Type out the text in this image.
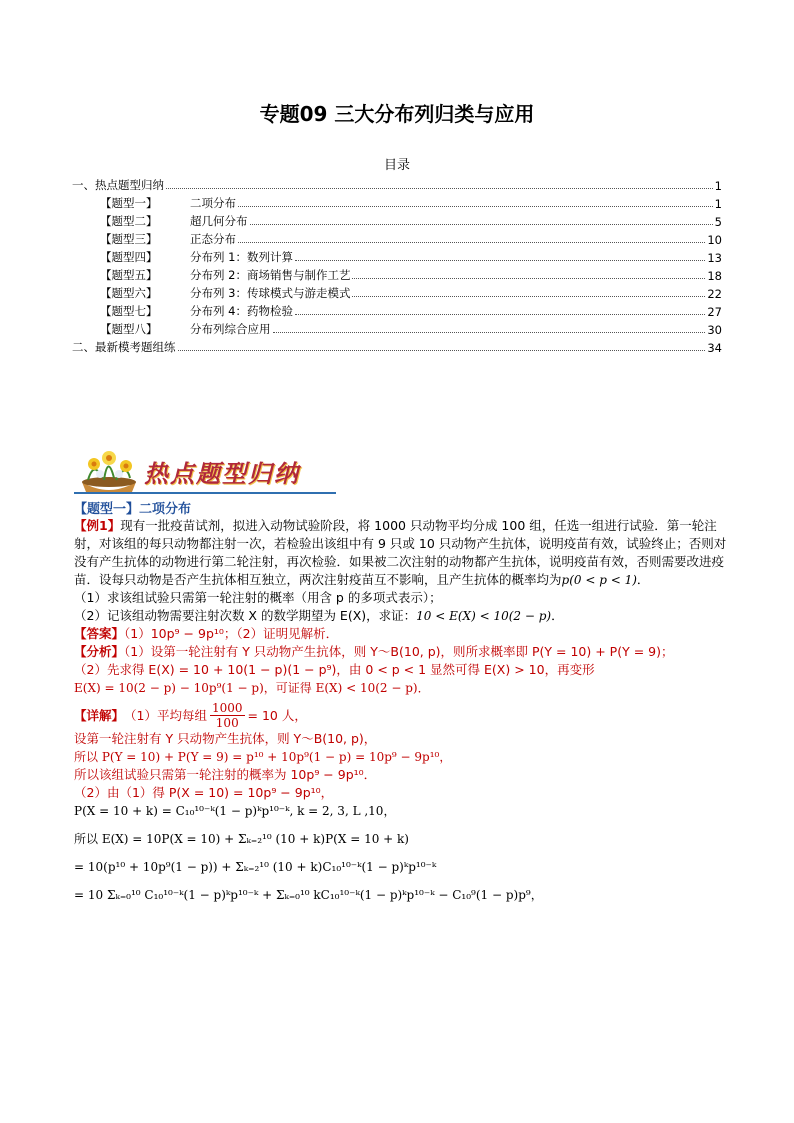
专题09 三大分布列归类与应用
目录
一、热点题型归纳	1
【题型一】	二项分布	1
【题型二】	超几何分布	5
【题型三】	正态分布	10
【题型四】	分布列 1：数列计算	13
【题型五】	分布列 2：商场销售与制作工艺	18
【题型六】	分布列 3：传球模式与游走模式	22
【题型七】	分布列 4：药物检验	27
【题型八】	分布列综合应用	30
二、最新模考题组练	34
热点题型归纳
【题型一】二项分布

【例1】现有一批疫苗试剂，拟进入动物试验阶段，将 1000 只动物平均分成 100 组，任选一组进行试验．第一轮注射，对该组的每只动物都注射一次，若检验出该组中有 9 只或 10 只动物产生抗体，说明疫苗有效，试验终止；否则对没有产生抗体的动物进行第二轮注射，再次检验．如果被二次注射的动物都产生抗体，说明疫苗有效，否则需要改进疫苗．设每只动物是否产生抗体相互独立，两次注射疫苗互不影响，且产生抗体的概率均为p(0 < p < 1)．

（1）求该组试验只需第一轮注射的概率（用含 p 的多项式表示）；

（2）记该组动物需要注射次数 X 的数学期望为 E(X)，求证：10 < E(X) < 10(2 − p)．

【答案】（1）10p⁹ − 9p¹⁰；（2）证明见解析．

【分析】（1）设第一轮注射有 Y 只动物产生抗体，则 Y～B(10, p)，则所求概率即 P(Y = 10) + P(Y = 9)；

（2）先求得 E(X) = 10 + 10(1 − p)(1 − p⁹)，由 0 < p < 1 显然可得 E(X) > 10，再变形

E(X) = 10(2 − p) − 10p⁹(1 − p)，可证得 E(X) < 10(2 − p)．

【详解】 （1）平均每组 $\frac{1000}{100} = 10$ 人，

设第一轮注射有 Y 只动物产生抗体，则 Y～B(10, p)，

所以 P(Y = 10) + P(Y = 9) = p¹⁰ + 10p⁹(1 − p) = 10p⁹ − 9p¹⁰，

所以该组试验只需第一轮注射的概率为 10p⁹ − 9p¹⁰．

（2）由（1）得 P(X = 10) = 10p⁹ − 9p¹⁰，

P(X = 10 + k) = C₁₀¹⁰⁻ᵏ(1 − p)ᵏp¹⁰⁻ᵏ, k = 2, 3, L ,10，

所以 E(X) = 10P(X = 10) + Σₖ₌₂¹⁰ (10 + k)P(X = 10 + k)

= 10(p¹⁰ + 10p⁹(1 − p)) + Σₖ₌₂¹⁰ (10 + k)C₁₀¹⁰⁻ᵏ(1 − p)ᵏp¹⁰⁻ᵏ

= 10 Σₖ₌₀¹⁰ C₁₀¹⁰⁻ᵏ(1 − p)ᵏp¹⁰⁻ᵏ + Σₖ₌₀¹⁰ kC₁₀¹⁰⁻ᵏ(1 − p)ᵏp¹⁰⁻ᵏ − C₁₀⁹(1 − p)p⁹，
